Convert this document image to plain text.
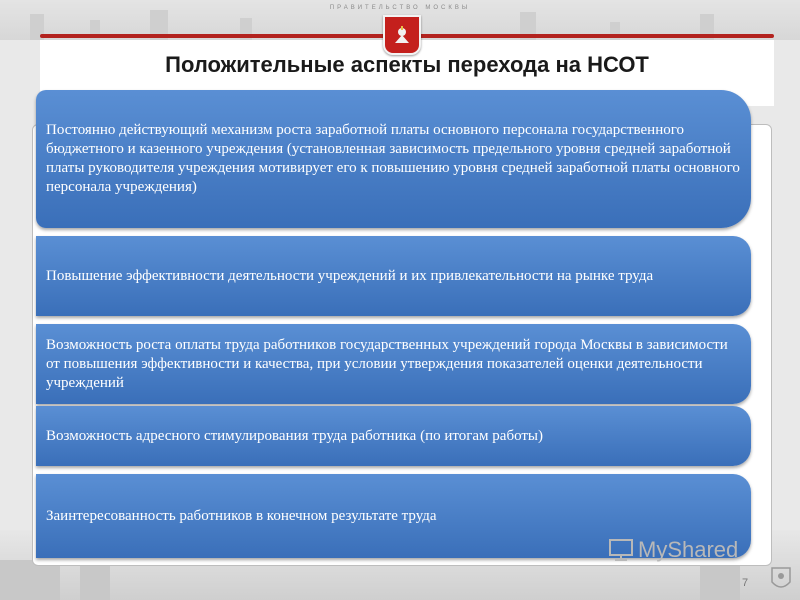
ПРАВИТЕЛЬСТВО МОСКВЫ
Положительные аспекты перехода на НСОТ
Постоянно действующий механизм роста заработной платы основного персонала государственного бюджетного и казенного учреждения (установленная зависимость предельного уровня средней заработной платы руководителя учреждения мотивирует его к повышению уровня средней заработной платы основного персонала учреждения)
Повышение эффективности деятельности учреждений и их привлекательности на рынке труда
Возможность роста оплаты труда работников государственных учреждений города Москвы в зависимости от повышения эффективности и качества, при условии утверждения показателей оценки деятельности учреждений
Возможность адресного стимулирования труда работника (по итогам работы)
Заинтересованность работников в конечном результате труда
MyShared
7
